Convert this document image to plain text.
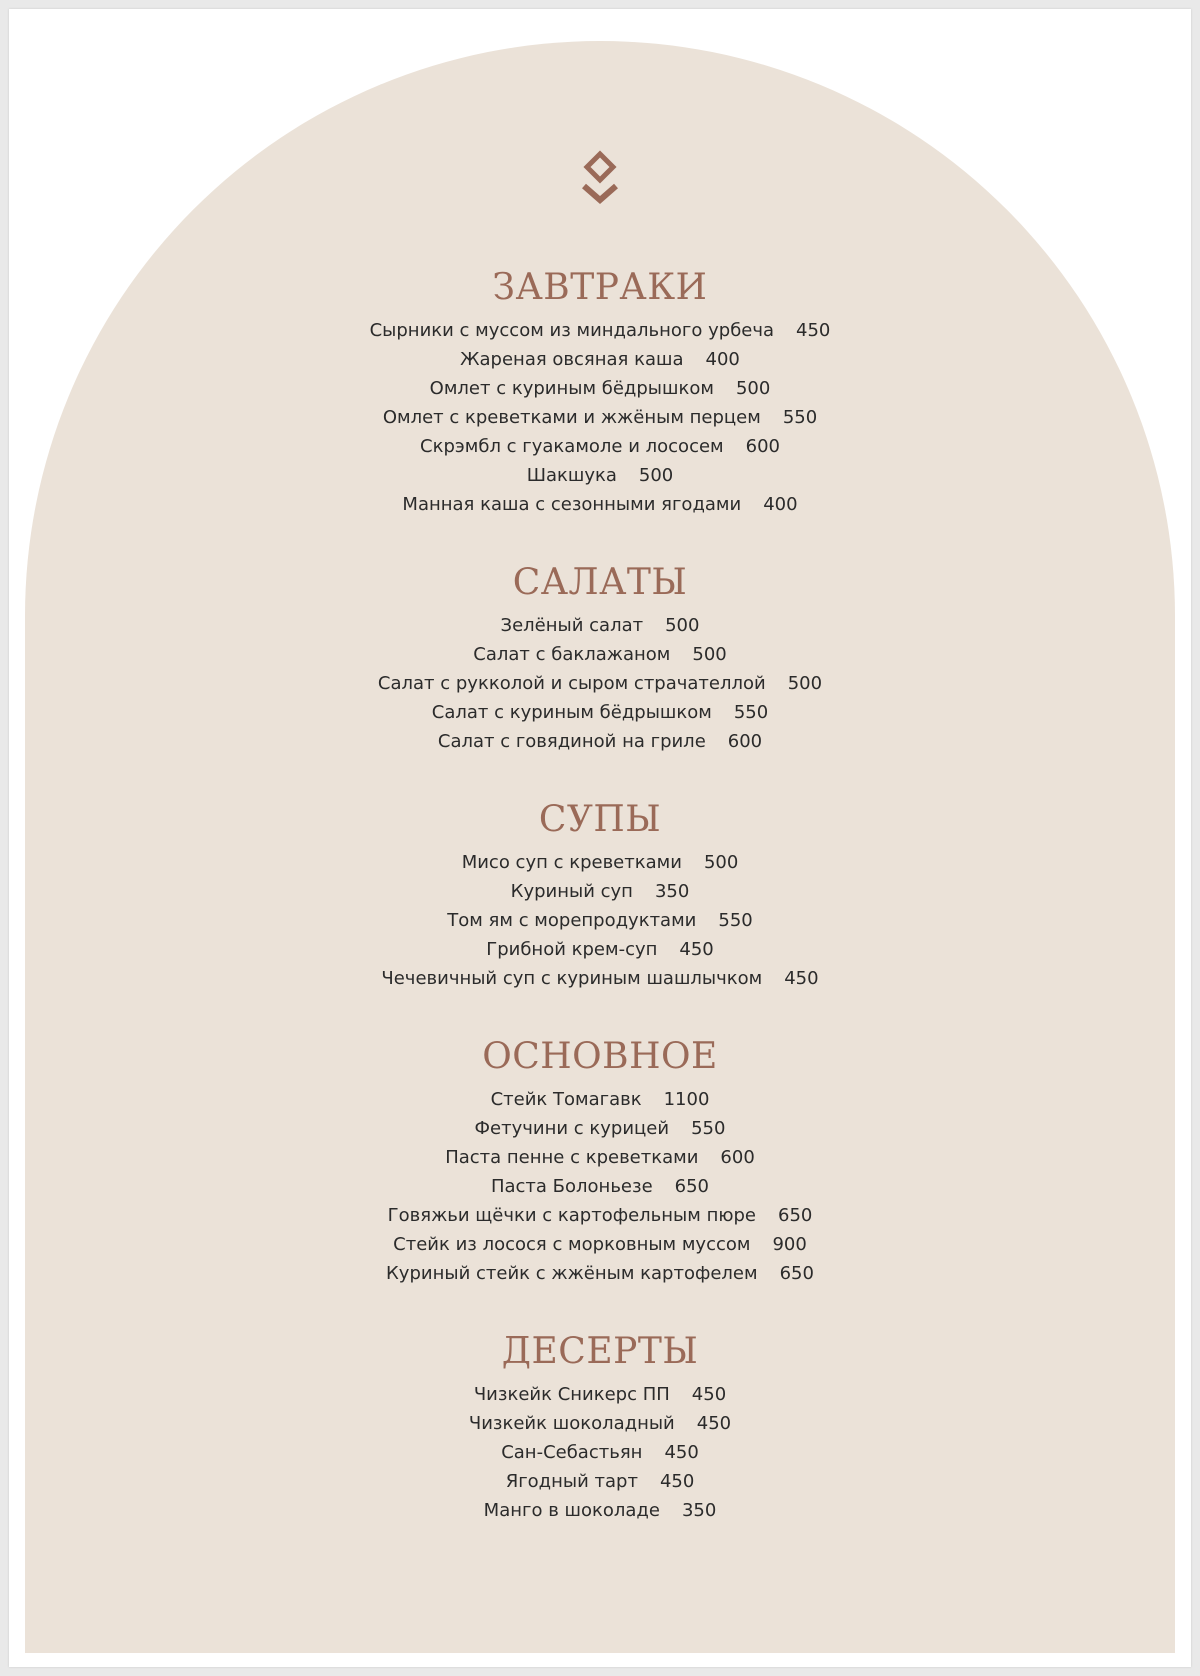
ЗАВТРАКИ
Сырники с муссом из миндального урбеча 450
Жареная овсяная каша 400
Омлет с куриным бёдрышком 500
Омлет с креветками и жжёным перцем 550
Скрэмбл с гуакамоле и лососем 600
Шакшука 500
Манная каша с сезонными ягодами 400
САЛАТЫ
Зелёный салат 500
Салат с баклажаном 500
Салат с рукколой и сыром страчателлой 500
Салат с куриным бёдрышком 550
Салат с говядиной на гриле 600
СУПЫ
Мисо суп с креветками 500
Куриный суп 350
Том ям с морепродуктами 550
Грибной крем-суп 450
Чечевичный суп с куриным шашлычком 450
ОСНОВНОЕ
Стейк Томагавк 1100
Фетучини с курицей 550
Паста пенне с креветками 600
Паста Болоньезе 650
Говяжьи щёчки с картофельным пюре 650
Стейк из лосося с морковным муссом 900
Куриный стейк с жжёным картофелем 650
ДЕСЕРТЫ
Чизкейк Сникерс ПП 450
Чизкейк шоколадный 450
Сан-Себастьян 450
Ягодный тарт 450
Манго в шоколаде 350
